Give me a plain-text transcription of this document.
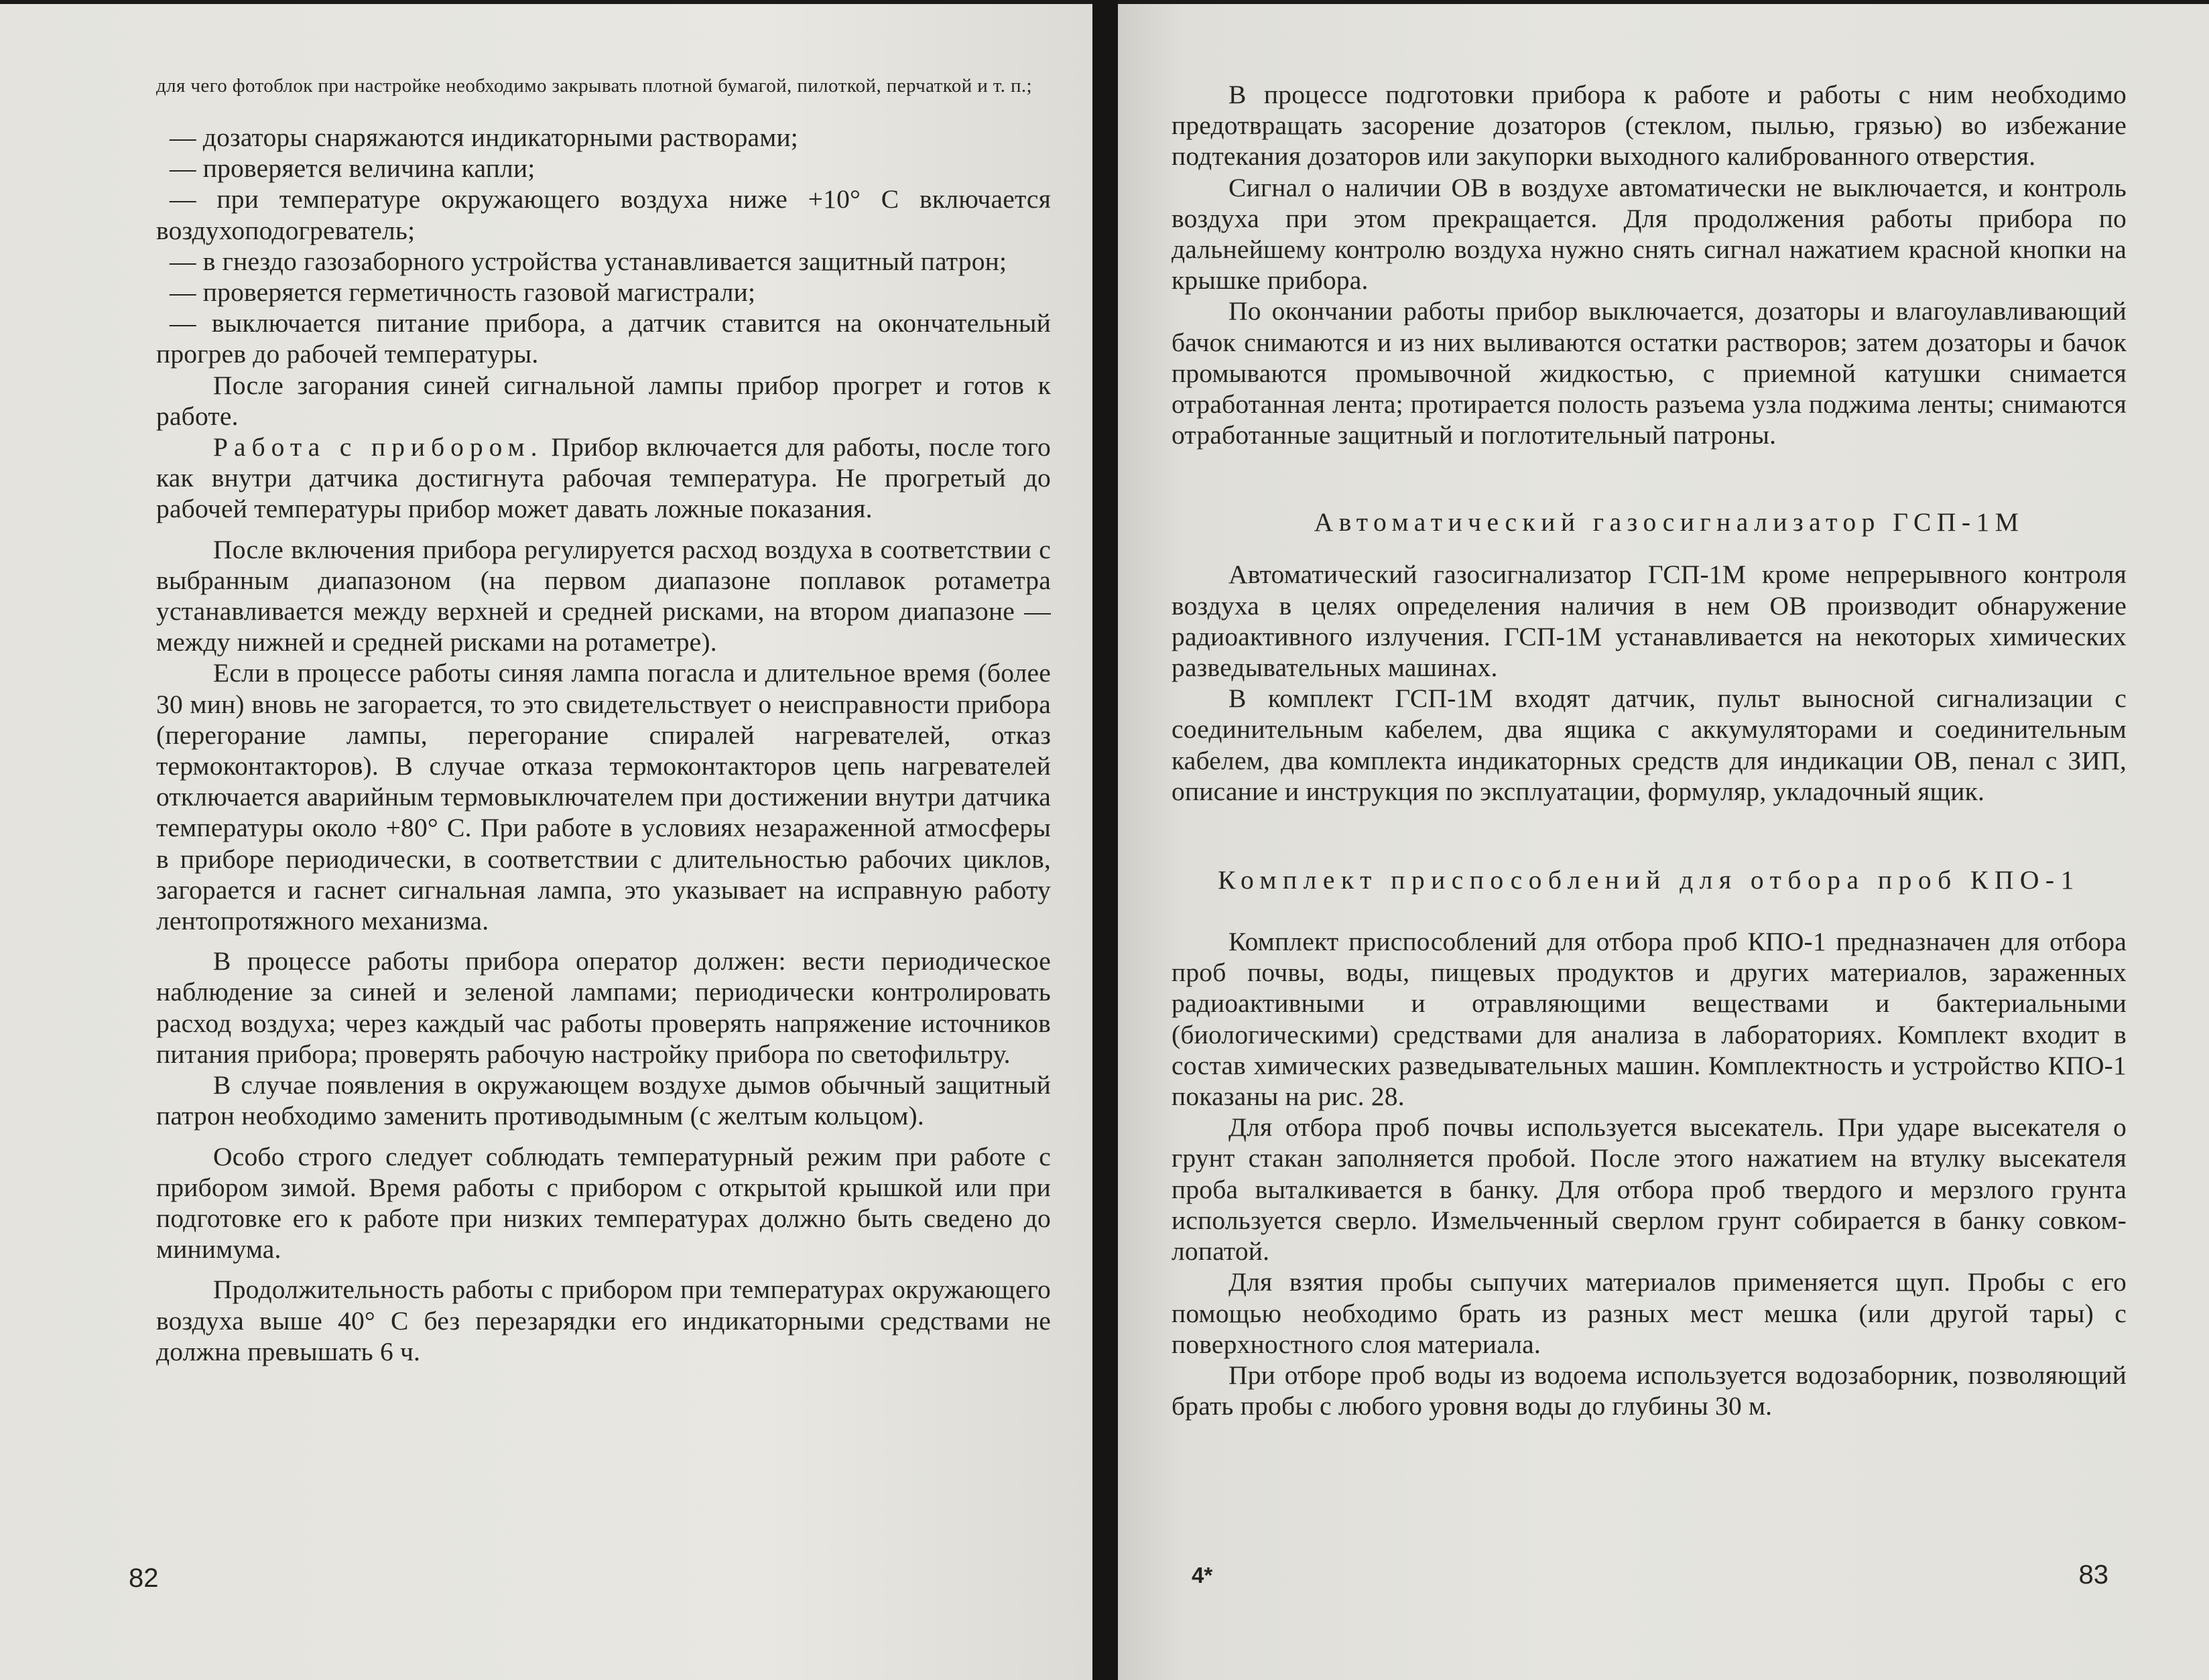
для чего фотоблок при настройке необходимо закрывать плотной бумагой, пилоткой, перчаткой и т. п.;

— дозаторы снаряжаются индикаторными растворами;

— проверяется величина капли;

— при температуре окружающего воздуха ниже +10° С включается воздухоподогреватель;

— в гнездо газозаборного устройства устанавливается защитный патрон;

— проверяется герметичность газовой магистрали;

— выключается питание прибора, а датчик ставится на окончательный прогрев до рабочей температуры.

После загорания синей сигнальной лампы прибор прогрет и готов к работе.

Работа с прибором. Прибор включается для работы, после того как внутри датчика достигнута рабочая температура. Не прогретый до рабочей температуры прибор может давать ложные показания.

После включения прибора регулируется расход воздуха в соответствии с выбранным диапазоном (на первом диапазоне поплавок ротаметра устанавливается между верхней и средней рисками, на втором диапазоне — между нижней и средней рисками на ротаметре).

Если в процессе работы синяя лампа погасла и длительное время (более 30 мин) вновь не загорается, то это свидетельствует о неисправности прибора (перегорание лампы, перегорание спиралей нагревателей, отказ термоконтакторов). В случае отказа термоконтакторов цепь нагревателей отключается аварийным термовыключателем при достижении внутри датчика температуры около +80° С. При работе в условиях незараженной атмосферы в приборе периодически, в соответствии с длительностью рабочих циклов, загорается и гаснет сигнальная лампа, это указывает на исправную работу лентопротяжного механизма.

В процессе работы прибора оператор должен: вести периодическое наблюдение за синей и зеленой лампами; периодически контролировать расход воздуха; через каждый час работы проверять напряжение источников питания прибора; проверять рабочую настройку прибора по светофильтру.

В случае появления в окружающем воздухе дымов обычный защитный патрон необходимо заменить противодымным (с желтым кольцом).

Особо строго следует соблюдать температурный режим при работе с прибором зимой. Время работы с прибором с открытой крышкой или при подготовке его к работе при низких температурах должно быть сведено до минимума.

Продолжительность работы с прибором при температурах окружающего воздуха выше 40° С без перезарядки его индикаторными средствами не должна превышать 6 ч.

82

В процессе подготовки прибора к работе и работы с ним необходимо предотвращать засорение дозаторов (стеклом, пылью, грязью) во избежание подтекания дозаторов или закупорки выходного калиброванного отверстия.

Сигнал о наличии ОВ в воздухе автоматически не выключается, и контроль воздуха при этом прекращается. Для продолжения работы прибора по дальнейшему контролю воздуха нужно снять сигнал нажатием красной кнопки на крышке прибора.

По окончании работы прибор выключается, дозаторы и влагоулавливающий бачок снимаются и из них выливаются остатки растворов; затем дозаторы и бачок промываются промывочной жидкостью, с приемной катушки снимается отработанная лента; протирается полость разъема узла поджима ленты; снимаются отработанные защитный и поглотительный патроны.

Автоматический газосигнализатор ГСП-1М

Автоматический газосигнализатор ГСП-1М кроме непрерывного контроля воздуха в целях определения наличия в нем ОВ производит обнаружение радиоактивного излучения. ГСП-1М устанавливается на некоторых химических разведывательных машинах.

В комплект ГСП-1М входят датчик, пульт выносной сигнализации с соединительным кабелем, два ящика с аккумуляторами и соединительным кабелем, два комплекта индикаторных средств для индикации ОВ, пенал с ЗИП, описание и инструкция по эксплуатации, формуляр, укладочный ящик.

Комплект приспособлений для отбора проб КПО-1

Комплект приспособлений для отбора проб КПО-1 предназначен для отбора проб почвы, воды, пищевых продуктов и других материалов, зараженных радиоактивными и отравляющими веществами и бактериальными (биологическими) средствами для анализа в лабораториях. Комплект входит в состав химических разведывательных машин. Комплектность и устройство КПО-1 показаны на рис. 28.

Для отбора проб почвы используется высекатель. При ударе высекателя о грунт стакан заполняется пробой. После этого нажатием на втулку высекателя проба выталкивается в банку. Для отбора проб твердого и мерзлого грунта используется сверло. Измельченный сверлом грунт собирается в банку совком-лопатой.

Для взятия пробы сыпучих материалов применяется щуп. Пробы с его помощью необходимо брать из разных мест мешка (или другой тары) с поверхностного слоя материала.

При отборе проб воды из водоема используется водозаборник, позволяющий брать пробы с любого уровня воды до глубины 30 м.

4*	83
